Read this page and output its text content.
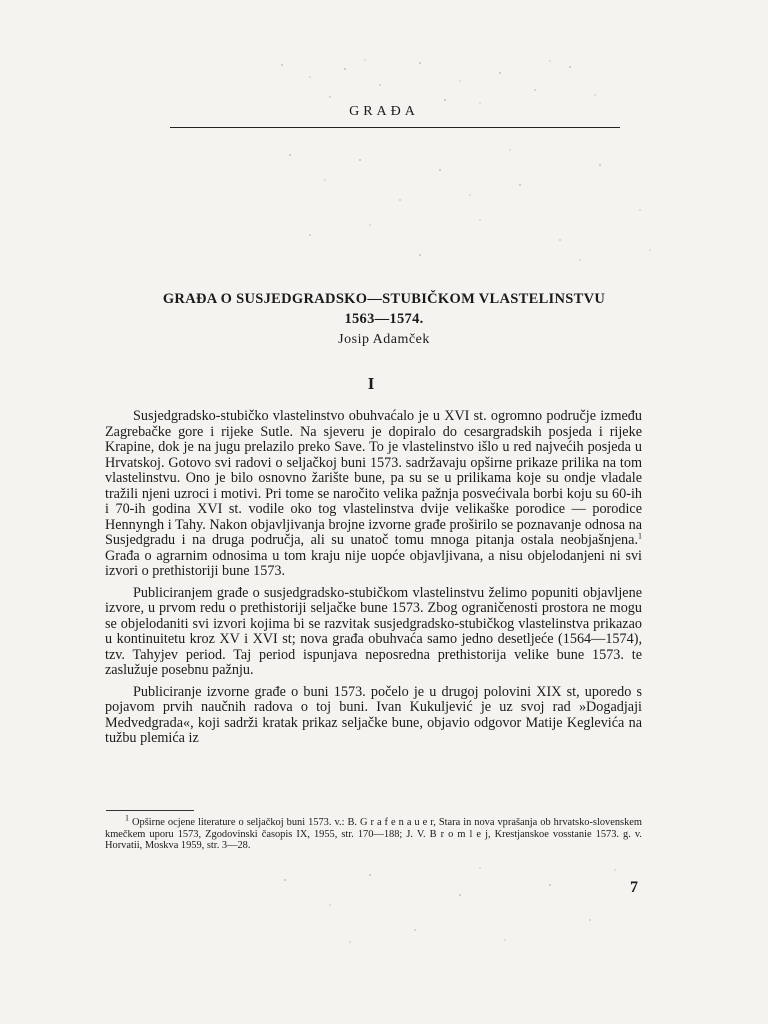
GRAĐA
GRAĐA O SUSJEDGRADSKO—STUBIČKOM VLASTELINSTVU
1563—1574.
Josip Adamček
I

Susjedgradsko-stubičko vlastelinstvo obuhvaćalo je u XVI st. ogromno područje između Zagrebačke gore i rijeke Sutle. Na sjeveru je dopiralo do cesargradskih posjeda i rijeke Krapine, dok je na jugu prelazilo preko Save. To je vlastelinstvo išlo u red najvećih posjeda u Hrvatskoj. Gotovo svi radovi o seljačkoj buni 1573. sadržavaju opširne prikaze prilika na tom vlastelinstvu. Ono je bilo osnovno žarište bune, pa su se u prilikama koje su ondje vladale tražili njeni uzroci i motivi. Pri tome se naročito velika pažnja posvećivala borbi koju su 60-ih i 70-ih godina XVI st. vodile oko tog vlastelinstva dvije velikaške porodice — porodice Hennyngh i Tahy. Nakon objavljivanja brojne izvorne građe proširilo se poznavanje odnosa na Susjedgradu i na druga područja, ali su unatoč tomu mnoga pitanja ostala neobjašnjena.$^1$ Građa o agrarnim odnosima u tom kraju nije uopće objavljivana, a nisu objelodanjeni ni svi izvori o prethistoriji bune 1573.

Publiciranjem građe o susjedgradsko-stubičkom vlastelinstvu želimo popuniti objavljene izvore, u prvom redu o prethistoriji seljačke bune 1573. Zbog ograničenosti prostora ne mogu se objelodaniti svi izvori kojima bi se razvitak susjedgradsko-stubičkog vlastelinstva prikazao u kontinuitetu kroz XV i XVI st; nova građa obuhvaća samo jedno desetljeće (1564—1574), tzv. Tahyjev period. Taj period ispunjava neposredna prethistorija velike bune 1573. te zaslužuje posebnu pažnju.

Publiciranje izvorne građe o buni 1573. počelo je u drugoj polovini XIX st, uporedo s pojavom prvih naučnih radova o toj buni. Ivan Kukuljević je uz svoj rad »Dogadjaji Medvedgrada«, koji sadrži kratak prikaz seljačke bune, objavio odgovor Matije Keglevića na tužbu plemića iz

$^1$ Opširne ocjene literature o seljačkoj buni 1573. v.: B. G r a f e n a u e r, Stara in nova vprašanja ob hrvatsko-slovenskem kmečkem uporu 1573, Zgodovinski časopis IX, 1955, str. 170—188; J. V. B r o m l e j, Krestjanskoe vosstanie 1573. g. v. Horvatii, Moskva 1959, str. 3—28.

7
